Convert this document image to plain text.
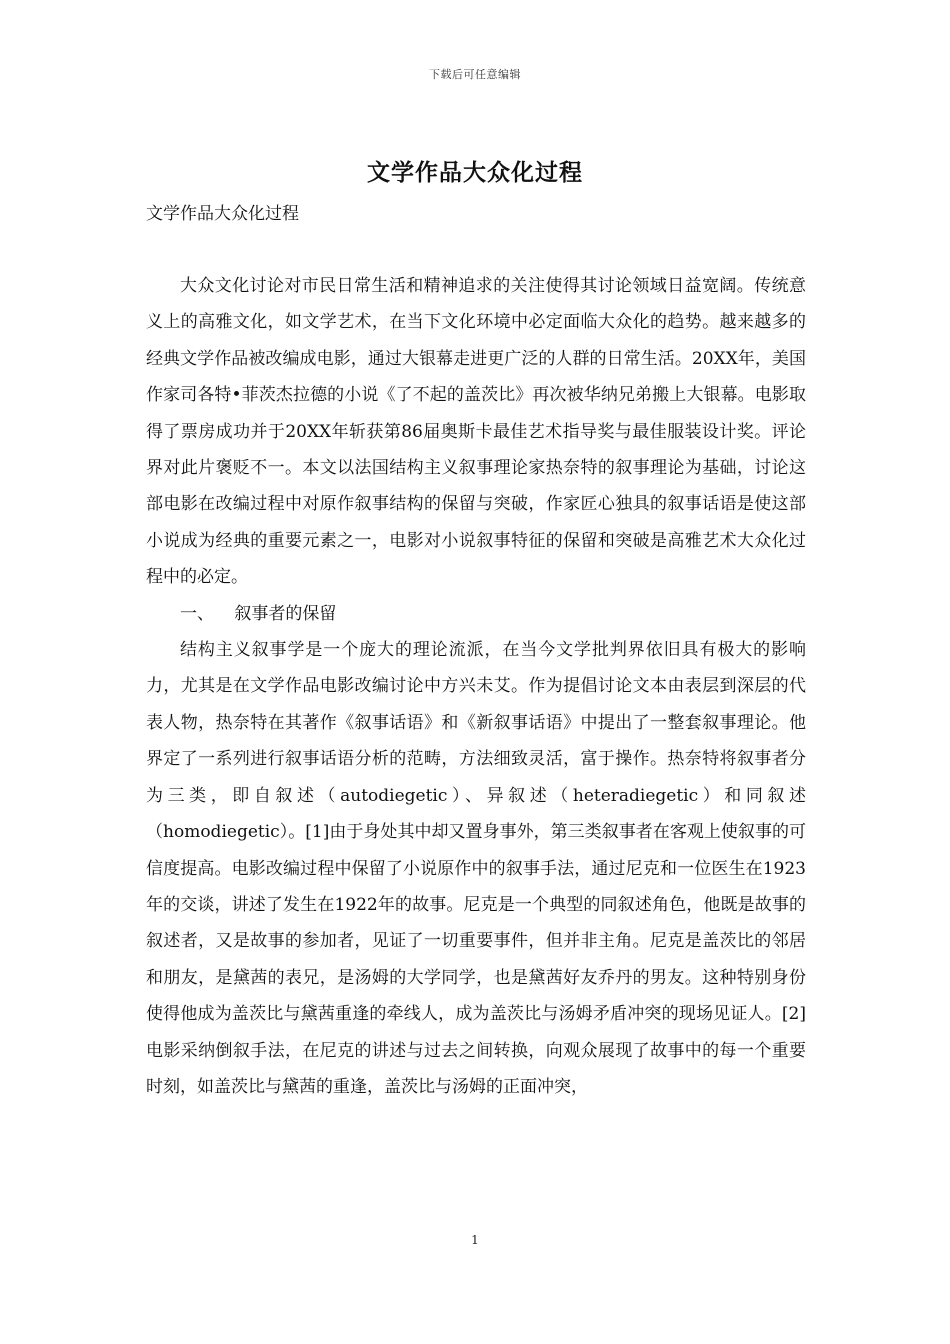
下载后可任意编辑
文学作品大众化过程
文学作品大众化过程

大众文化讨论对市民日常生活和精神追求的关注使得其讨论领域日益宽阔。传统意义上的高雅文化，如文学艺术，在当下文化环境中必定面临大众化的趋势。越来越多的经典文学作品被改编成电影，通过大银幕走进更广泛的人群的日常生活。20XX年，美国作家司各特•菲茨杰拉德的小说《了不起的盖茨比》再次被华纳兄弟搬上大银幕。电影取得了票房成功并于20XX年斩获第86届奥斯卡最佳艺术指导奖与最佳服装设计奖。评论界对此片褒贬不一。本文以法国结构主义叙事理论家热奈特的叙事理论为基础，讨论这部电影在改编过程中对原作叙事结构的保留与突破，作家匠心独具的叙事话语是使这部小说成为经典的重要元素之一，电影对小说叙事特征的保留和突破是高雅艺术大众化过程中的必定。

一、 叙事者的保留

结构主义叙事学是一个庞大的理论流派，在当今文学批判界依旧具有极大的影响力，尤其是在文学作品电影改编讨论中方兴未艾。作为提倡讨论文本由表层到深层的代表人物，热奈特在其著作《叙事话语》和《新叙事话语》中提出了一整套叙事理论。他界定了一系列进行叙事话语分析的范畴，方法细致灵活，富于操作。热奈特将叙事者分为三类，即自叙述（autodiegetic）、异叙述（heteradiegetic）和同叙述（homodiegetic）。[1]由于身处其中却又置身事外，第三类叙事者在客观上使叙事的可信度提高。电影改编过程中保留了小说原作中的叙事手法，通过尼克和一位医生在1923年的交谈，讲述了发生在1922年的故事。尼克是一个典型的同叙述角色，他既是故事的叙述者，又是故事的参加者，见证了一切重要事件，但并非主角。尼克是盖茨比的邻居和朋友，是黛茜的表兄，是汤姆的大学同学，也是黛茜好友乔丹的男友。这种特别身份使得他成为盖茨比与黛茜重逢的牵线人，成为盖茨比与汤姆矛盾冲突的现场见证人。[2]电影采纳倒叙手法，在尼克的讲述与过去之间转换，向观众展现了故事中的每一个重要时刻，如盖茨比与黛茜的重逢，盖茨比与汤姆的正面冲突，

1
